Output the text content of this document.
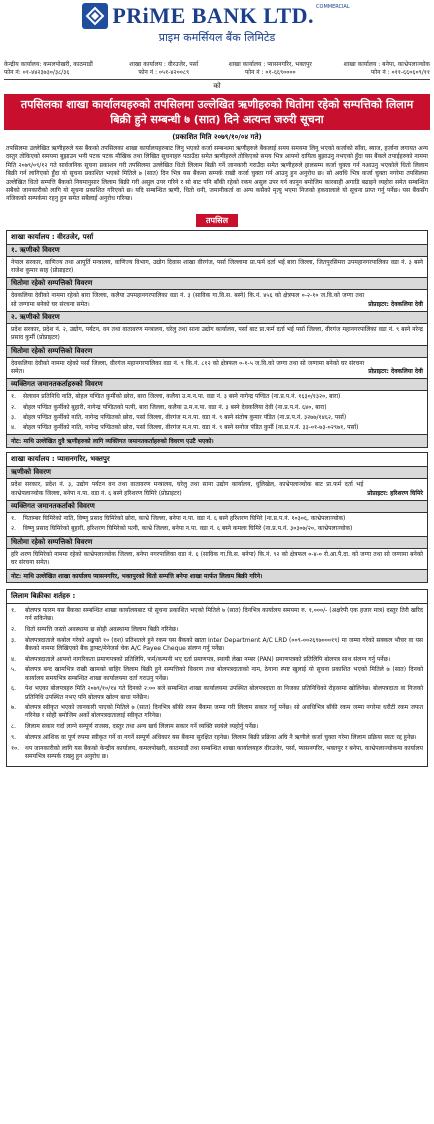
PRiME BANK LTD. COMMERCIAL
प्राइम कमर्सियल बैंक लिमिटेड
केन्द्रीय कार्यालय: कमलपोखरी, काठमाडौं
फोन नं: ०१-४४२३७३०/३८/३६
शाखा कार्यालय : वीरउजेर, पर्सा
फोन नं : ०५१-४२००८९
शाखा कार्यालय : प्यासनगरिर, भक्तपुर
फोन नं : ०१-६६९००००
शाखा कार्यालय : बनेपा, काभ्रेपलाञ्चोक
फोन नं : ०११-६६०६०९/११
को
तपसिलका शाखा कार्यालयहरुको तपसिलमा उल्लेखित ऋणीहरुको धितोमा रहेको सम्पत्तिको लिलाम बिक्री हुने सम्बन्धी ७ (सात) दिने अत्यन्त जरुरी सूचना
(प्रकाशित मिति २०७९/१०/०४ गते)
तपसिलमा उल्लेखित ऋणीहरुले यस बैंकको तपसिलका शाखा कार्यालयहरुबाट लिनु भएको कर्जा सम्बन्धमा ऋणीहरुले बैंकलाई समय समयमा लिनु भएको कर्जाको साँवा, ब्याज, हर्जाना लगायत अन्य दस्तुर तोकिएको समयमा बुझाउन भनी पटक पटक मौखिक तथा लिखित सूचनाहरु पठाउँदा समेत ऋणीहरुले तोकिएको समय भित्र आफ्नो दायित्व बुझाउनु नभएको हुँदा यस बैंकले तपाईहरुको नाममा मिति २०७९/०९/१२ गते सार्वजनिक सूचना प्रकाशन गरी तपसिलमा उल्लेखित धितो लिलाम बिक्री गर्ने जानकारी गराउँदा समेत ऋणीहरुले हालसम्म कर्जा चुक्ता गर्न नआउनु भएकोले धितो लिलाम बिक्री गर्न लागिएको हुँदा यो सूचना प्रकाशित भएको मितिले ७ (सात) दिन भित्र यस बैंकमा सम्पर्क राखी कर्जा चुक्ता गर्न आउनु हुन अनुरोध छ। सो अवधि भित्र कर्जा चुक्ता नगरेमा तपसिलमा उल्लेखित धितो सम्पत्ति बैंकको नियमानुसार लिलाम बिक्री गरी असुल उपर गरिने र सो बाट पनि बाँकी रहेको रकम असुल उपर गर्न कानून बमोजिम कारबाही अगाडि बढाइने व्यहोरा समेत सम्बन्धित सबैको जानकारीको लागि यो सूचना प्रकाशित गरिएको छ। यदि सम्बन्धित ऋणी, धितो धनी, जमानीकर्ता वा अन्य कसैको मृत्यु भएमा निजको हकवालाले यो सूचना प्राप्त गर्नु पर्नेछ। यस बैंकसँग नजिकको सम्पर्कमा रहनु हुन समेत सबैलाई अनुरोध गरिन्छ।
तपसिल
शाखा कार्यालय : वीरउजेर, पर्सा
१. ऋणीको विवरण
नेपाल सरकार, वाणिज्य तथा आपूर्ति मन्त्रालय, वाणिज्य विभाग, उद्योग दिवास शाखा वीरगंज, पर्सा जिल्लामा प्रा.फर्म दर्ता भई बारा जिल्ला, जितपुरसिमरा उपमहानगरपालिका वडा नं. ३ बस्ने राजेश कुमार साह (प्रोप्राइटर)
धितोमा रहेको सम्पत्तिको विवरण
देवकलिया देवीको नाममा रहेको बारा जिल्ला, कलैया उपमहानगरपालिका वडा नं. ३ (साविक गा.वि.स. बस्ने) कि.नं. ४५६ को क्षेत्रफल ०-२-१० ज.वि.को जग्गा तथा सो जग्गामा बनेको घर संरचना समेत।	प्रोप्राइटर: देवकलिया देवी
२. ऋणीको विवरण
प्रदेश सरकार, प्रदेश नं. २, उद्योग, पर्यटन, वन तथा वातावरण मन्त्रालय, घरेलु तथा साना उद्योग कार्यालय, पर्सा बाट प्रा.फर्म दर्ता भई पर्सा जिल्ला, वीरगंज महानगरपालिका वडा नं. ९ बस्ने नरेन्द्र प्रसाद कुर्मी (प्रोप्राइटर)
धितोमा रहेको सम्पत्तिको विवरण
देवकलिया देवीको नाममा रहेको पर्सा जिल्ला, वीरगंज महानगरपालिका वडा नं. ९ कि.नं. ८१२ को क्षेत्रफल ०-१-५ ज.वि.को जग्गा तथा सो जग्गामा बनेको घर संरचना समेत।	प्रोप्राइटर: देवकलिया देवी
व्यक्तिगत जमानतकर्ताहरुको विवरण
१.	सेलावन प्रतिनिधि नाति, बोहल पण्डित कुर्मीको छोरा, बारा जिल्ला, कलैया उ.म.न.पा. वडा नं. ३ बस्ने नागेन्द्र पण्डित (ना.प्र.प.नं. १६३०/१३२०, बारा)
२.	बोहल पण्डित कुर्मीको बुहारी, नागेन्द्र पण्डितको पत्नी, बारा जिल्ला, कलैया उ.म.न.पा. वडा नं. ३ बस्ने देवकलिया देवी (ना.प्र.प.नं. ६४०, बारा)
३.	बोहल पण्डित कुर्मीको नाति, नागेन्द्र पण्डितको छोरा, पर्सा जिल्ला, वीरगंज म.न.पा. वडा नं. ९ बस्ने संतोष कुमार पंडित (ना.प्र.प.नं. ३२७७/१४६२, पर्सा)
४.	बोहल पण्डित कुर्मीको नाति, नागेन्द्र पण्डितको छोरा, पर्सा जिल्ला, वीरगंज म.न.पा. वडा नं. ९ बस्ने सनोज पंडित कुर्मी (ना.प्र.प.नं. ३३-०१-७३-०२९७१, पर्सा)
नोट: माथि उल्लेखित दुवै ऋणीहरुको लागि व्यक्तिगत जमानतकर्ताहरुको विवरण एउटै भएको।
शाखा कार्यालय : प्यासनगरिर, भक्तपुर
ऋणीको विवरण
प्रदेश सरकार, प्रदेश नं. ३, उद्योग पर्यटन वन तथा वातावरण मन्त्रालय, घरेलु तथा साना उद्योग कार्यालय, धुलिखेल, काभ्रेपलाञ्चोक बाट प्रा.फर्म दर्ता भई काभ्रेपलाञ्चोक जिल्ला, बनेपा न.पा. वडा नं. ६ बस्ने हरिशरण घिमिरे (प्रोप्राइटर)	प्रोप्राइटर: हरिशरण घिमिरे
व्यक्तिगत जमानतकर्ताको विवरण
१.	पिताम्बर घिमिरेको नाति, विष्णु प्रसाद घिमिरेको छोरा, काभ्रे जिल्ला, बनेपा न.पा. वडा नं. ६ बस्ने हरिशरण घिमिरे (ना.प्र.प.नं. १०३०६, काभ्रेपलाञ्चोक)
२.	विष्णु प्रसाद घिमिरेको बुहारी, हरिशरण घिमिरेको पत्नी, काभ्रे जिल्ला, बनेपा न.पा. वडा नं. ६ बस्ने कमला घिमिरे (ना.प्र.प.नं. ३०३०७/२०, काभ्रेपलाञ्चोक)
धितोमा रहेको सम्पत्तिको विवरण
हरि शरण घिमिरेको नाममा रहेको काभ्रेपलाञ्चोक जिल्ला, बनेपा नगरपालिका वडा नं. ६ (साविक गा.वि.स. बनेपा) कि.नं. ९२ को क्षेत्रफल ०-४-० रो.आ.पै.दा. को जग्गा तथा सो जग्गामा बनेको घर संरचना समेत।
नोट: माथि उल्लेखित शाखा कार्यालय प्यासनगरिर, भक्तपुरको धितो सम्पत्ति बनेपा शाखा मार्फत लिलाम बिक्री गरिने।
लिलाम बिक्रीका शर्तहरु :
१.	बोलपत्र फारम यस बैंकका सम्बन्धित शाखा कार्यालयबाट यो सूचना प्रकाशित भएको मितिले ७ (सात) दिनभित्र कार्यालय समयमा रु. १,०००/- (अक्षरेपी एक हजार मात्र) दस्तुर तिरी खरिद गर्न सकिनेछ।
२.	धितो सम्पत्ति जस्तो अवस्थामा छ सोही अवस्थामा लिलाम बिक्री गरिनेछ।
३.	बोलपत्रदाताले कबोल गरेको अङ्कको १० (दश) प्रतिशतले हुने रकम यस बैंकको खाता Inter Department A/C LRD (००९-००२६९७०००१९) मा जम्मा गरेको सक्कल भौचर वा यस बैंकको नाममा लिखिएको बैंक ड्राफ्ट/मेनेजर्स चेक A/C Payee Cheque संलग्न गर्नु पर्नेछ।
४.	बोलपत्रदाताले आफ्नो नागरिकता प्रमाणपत्रको प्रतिलिपि, फर्म/कम्पनी भए दर्ता प्रमाणपत्र, स्थायी लेखा नम्बर (PAN) प्रमाणपत्रको प्रतिलिपि बोलपत्र साथ संलग्न गर्नु पर्नेछ।
५.	बोलपत्र बन्द खामभित्र राखी खामको बाहिर लिलाम बिक्री हुने सम्पत्तिको विवरण तथा बोलपत्रदाताको नाम, ठेगाना स्पष्ट खुलाई यो सूचना प्रकाशित भएको मितिले ७ (सात) दिनको कार्यालय समयभित्र सम्बन्धित शाखा कार्यालयमा दर्ता गराउनु पर्नेछ।
६.	पेश भएका बोलपत्रहरु मिति २०७९/१०/१४ गते दिनको २:०० बजे सम्बन्धित शाखा कार्यालयमा उपस्थित बोलपत्रदाता वा निजका प्रतिनिधिको रोहवरमा खोलिनेछ। बोलपत्रदाता वा निजको प्रतिनिधि उपस्थित नभए पनि बोलपत्र खोल्न बाधा पर्नेछैन।
७.	बोलपत्र स्वीकृत भएको जानकारी पाएको मितिले ७ (सात) दिनभित्र बाँकी रकम बैंकमा जम्मा गरी लिलाम सकार गर्नु पर्नेछ। सो अवधिभित्र बाँकी रकम जम्मा नगरेमा धरौटी रकम जफत गरिनेछ र सोही बमोजिम अर्को बोलपत्रदातालाई स्वीकृत गरिनेछ।
८.	लिलाम सकार गर्दा लाग्ने सम्पूर्ण राजस्व, दस्तुर तथा अन्य खर्च लिलाम सकार गर्ने व्यक्ति स्वयंले व्यहोर्नु पर्नेछ।
९.	बोलपत्र आंशिक वा पूर्ण रुपमा स्वीकृत गर्ने वा नगर्ने सम्पूर्ण अधिकार यस बैंकमा सुरक्षित रहनेछ। लिलाम बिक्री प्रक्रिया अघि नै ऋणीले कर्जा चुक्ता गरेमा लिलाम प्रक्रिया स्वतः रद्द हुनेछ।
१०. थप जानकारीको लागि यस बैंकको केन्द्रीय कार्यालय, कमलपोखरी, काठमाडौं तथा सम्बन्धित शाखा कार्यालयहरु वीरउजेर, पर्सा, प्यासनगरिर, भक्तपुर र बनेपा, काभ्रेपलाञ्चोकमा कार्यालय समयभित्र सम्पर्क राख्नु हुन अनुरोध छ।
